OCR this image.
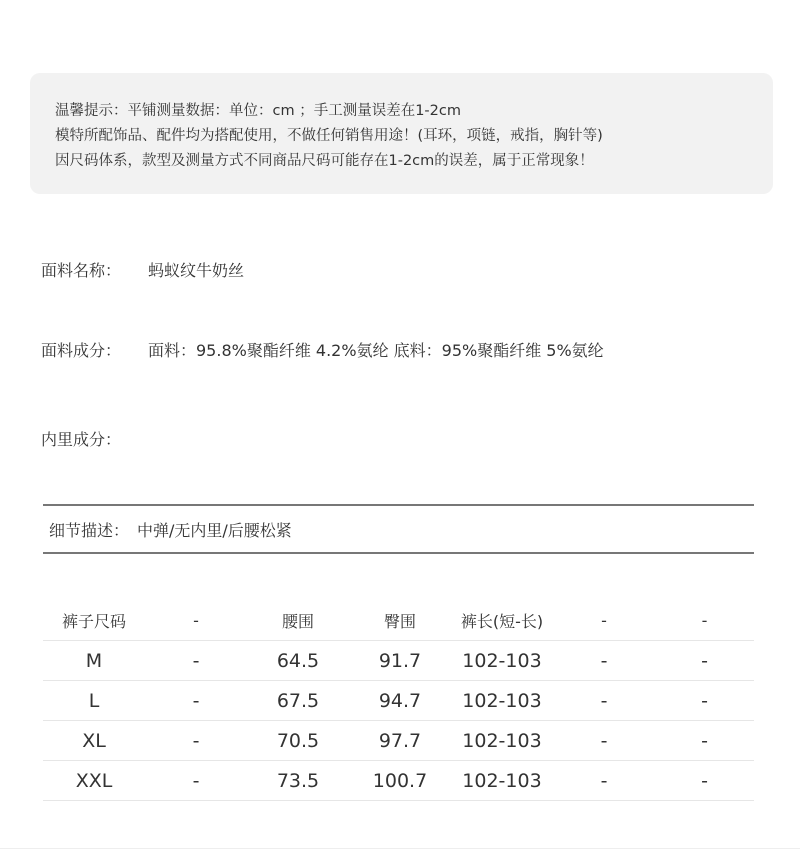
温馨提示：平铺测量数据：单位：cm ；手工测量误差在1-2cm
模特所配饰品、配件均为搭配使用，不做任何销售用途！(耳环，项链，戒指，胸针等)
因尺码体系，款型及测量方式不同商品尺码可能存在1-2cm的误差，属于正常现象！
面料名称： 蚂蚁纹牛奶丝
面料成分： 面料：95.8%聚酯纤维 4.2%氨纶 底料：95%聚酯纤维 5%氨纶
内里成分：
细节描述： 中弹/无内里/后腰松紧
裤子尺码	-	腰围	臀围	裤长(短-长)	-	-
M	-	64.5	91.7	102-103	-	-
L	-	67.5	94.7	102-103	-	-
XL	-	70.5	97.7	102-103	-	-
XXL	-	73.5	100.7	102-103	-	-
